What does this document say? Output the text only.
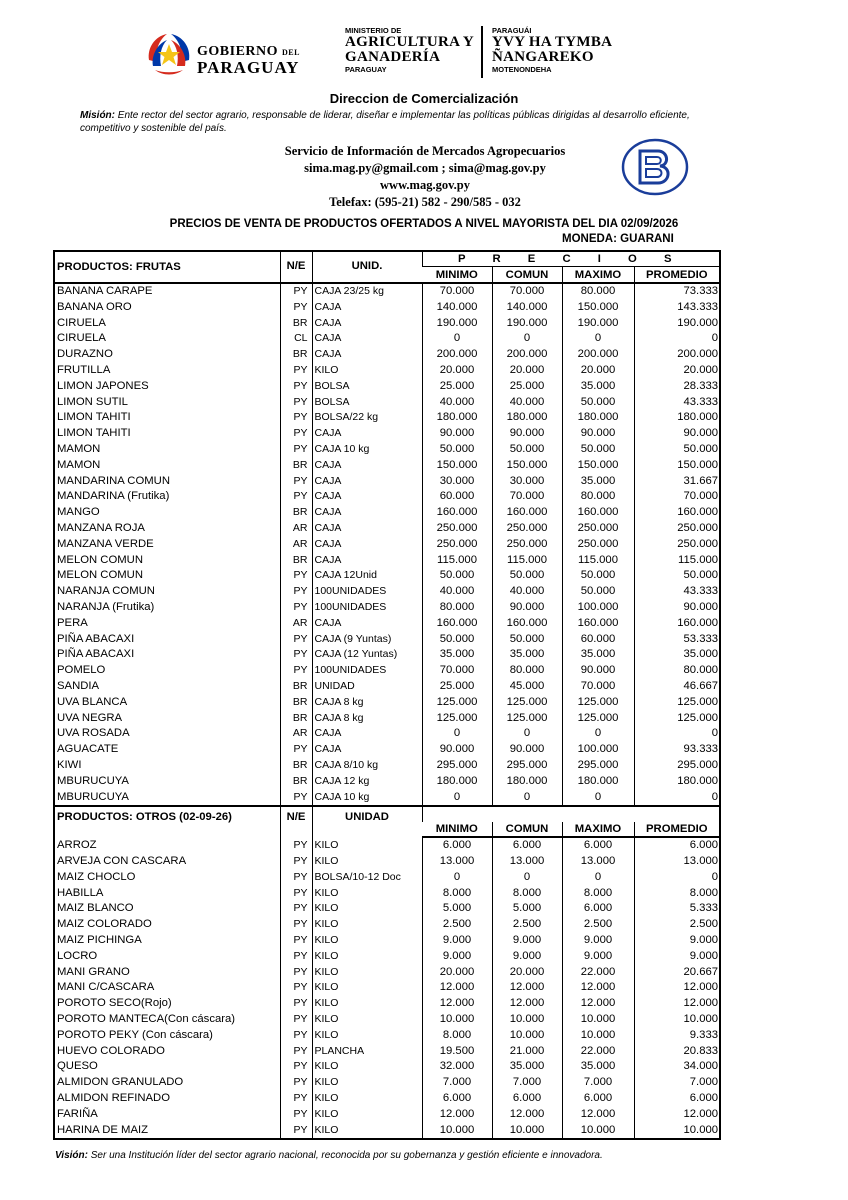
GOBIERNO DEL
PARAGUAY
MINISTERIO DE
AGRICULTURA Y
GANADERÍA
PARAGUAY
PARAGUÁI
YVY HA TYMBA
ÑANGAREKO
MOTENONDEHA
Direccion de Comercialización
Misión: Ente rector del sector agrario, responsable de liderar, diseñar e implementar las políticas públicas dirigidas al desarrollo eficiente, competitivo y sostenible del país.
Servicio de Información de Mercados Agropecuarios
sima.mag.py@gmail.com ; sima@mag.gov.py
www.mag.gov.py
Telefax: (595-21) 582 - 290/585 - 032
PRECIOS DE VENTA DE PRODUCTOS OFERTADOS A NIVEL MAYORISTA DEL DIA 02/09/2026
MONEDA: GUARANI
PRODUCTOS: FRUTAS	N/E	UNID.	P R E C I O S			
			MINIMO	COMUN	MAXIMO	PROMEDIO
BANANA CARAPE	PY	CAJA 23/25 kg	70.000	70.000	80.000	73.333
BANANA ORO	PY	CAJA	140.000	140.000	150.000	143.333
CIRUELA	BR	CAJA	190.000	190.000	190.000	190.000
CIRUELA	CL	CAJA	0	0	0	0
DURAZNO	BR	CAJA	200.000	200.000	200.000	200.000
FRUTILLA	PY	KILO	20.000	20.000	20.000	20.000
LIMON JAPONES	PY	BOLSA	25.000	25.000	35.000	28.333
LIMON SUTIL	PY	BOLSA	40.000	40.000	50.000	43.333
LIMON TAHITI	PY	BOLSA/22 kg	180.000	180.000	180.000	180.000
LIMON TAHITI	PY	CAJA	90.000	90.000	90.000	90.000
MAMON	PY	CAJA 10 kg	50.000	50.000	50.000	50.000
MAMON	BR	CAJA	150.000	150.000	150.000	150.000
MANDARINA COMUN	PY	CAJA	30.000	30.000	35.000	31.667
MANDARINA (Frutika)	PY	CAJA	60.000	70.000	80.000	70.000
MANGO	BR	CAJA	160.000	160.000	160.000	160.000
MANZANA ROJA	AR	CAJA	250.000	250.000	250.000	250.000
MANZANA VERDE	AR	CAJA	250.000	250.000	250.000	250.000
MELON COMUN	BR	CAJA	115.000	115.000	115.000	115.000
MELON COMUN	PY	CAJA 12Unid	50.000	50.000	50.000	50.000
NARANJA COMUN	PY	100UNIDADES	40.000	40.000	50.000	43.333
NARANJA (Frutika)	PY	100UNIDADES	80.000	90.000	100.000	90.000
PERA	AR	CAJA	160.000	160.000	160.000	160.000
PIÑA ABACAXI	PY	CAJA (9 Yuntas)	50.000	50.000	60.000	53.333
PIÑA ABACAXI	PY	CAJA (12 Yuntas)	35.000	35.000	35.000	35.000
POMELO	PY	100UNIDADES	70.000	80.000	90.000	80.000
SANDIA	BR	UNIDAD	25.000	45.000	70.000	46.667
UVA BLANCA	BR	CAJA 8 kg	125.000	125.000	125.000	125.000
UVA NEGRA	BR	CAJA 8 kg	125.000	125.000	125.000	125.000
UVA ROSADA	AR	CAJA	0	0	0	0
AGUACATE	PY	CAJA	90.000	90.000	100.000	93.333
KIWI	BR	CAJA 8/10 kg	295.000	295.000	295.000	295.000
MBURUCUYA	BR	CAJA 12 kg	180.000	180.000	180.000	180.000
MBURUCUYA	PY	CAJA 10 kg	0	0	0	0
PRODUCTOS: OTROS (02-09-26)	N/E	UNIDAD				
			MINIMO	COMUN	MAXIMO	PROMEDIO
ARROZ	PY	KILO	6.000	6.000	6.000	6.000
ARVEJA CON CASCARA	PY	KILO	13.000	13.000	13.000	13.000
MAIZ CHOCLO	PY	BOLSA/10-12 Doc	0	0	0	0
HABILLA	PY	KILO	8.000	8.000	8.000	8.000
MAIZ BLANCO	PY	KILO	5.000	5.000	6.000	5.333
MAIZ COLORADO	PY	KILO	2.500	2.500	2.500	2.500
MAIZ PICHINGA	PY	KILO	9.000	9.000	9.000	9.000
LOCRO	PY	KILO	9.000	9.000	9.000	9.000
MANI GRANO	PY	KILO	20.000	20.000	22.000	20.667
MANI C/CASCARA	PY	KILO	12.000	12.000	12.000	12.000
POROTO SECO(Rojo)	PY	KILO	12.000	12.000	12.000	12.000
POROTO MANTECA(Con cáscara)	PY	KILO	10.000	10.000	10.000	10.000
POROTO PEKY (Con cáscara)	PY	KILO	8.000	10.000	10.000	9.333
HUEVO COLORADO	PY	PLANCHA	19.500	21.000	22.000	20.833
QUESO	PY	KILO	32.000	35.000	35.000	34.000
ALMIDON GRANULADO	PY	KILO	7.000	7.000	7.000	7.000
ALMIDON REFINADO	PY	KILO	6.000	6.000	6.000	6.000
FARIÑA	PY	KILO	12.000	12.000	12.000	12.000
HARINA DE MAIZ	PY	KILO	10.000	10.000	10.000	10.000
Visión: Ser una Institución líder del sector agrario nacional, reconocida por su gobernanza y gestión eficiente e innovadora.
